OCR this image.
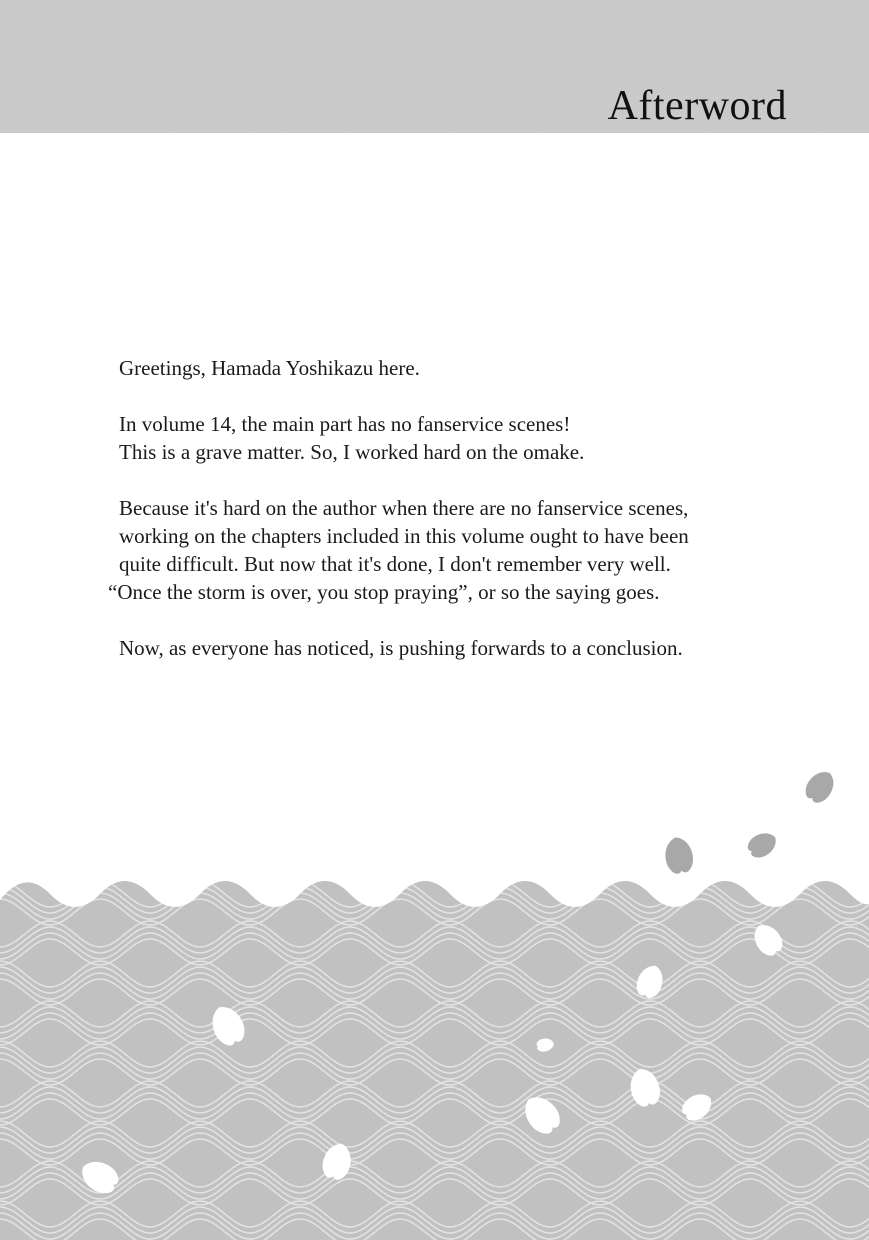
Afterword

Greetings, Hamada Yoshikazu here.

In volume 14, the main part has no fanservice scenes!

This is a grave matter. So, I worked hard on the omake.

Because it's hard on the author when there are no fanservice scenes,

working on the chapters included in this volume ought to have been

quite difficult. But now that it's done, I don't remember very well.

“Once the storm is over, you stop praying”, or so the saying goes.

Now, as everyone has noticed, is pushing forwards to a conclusion.
